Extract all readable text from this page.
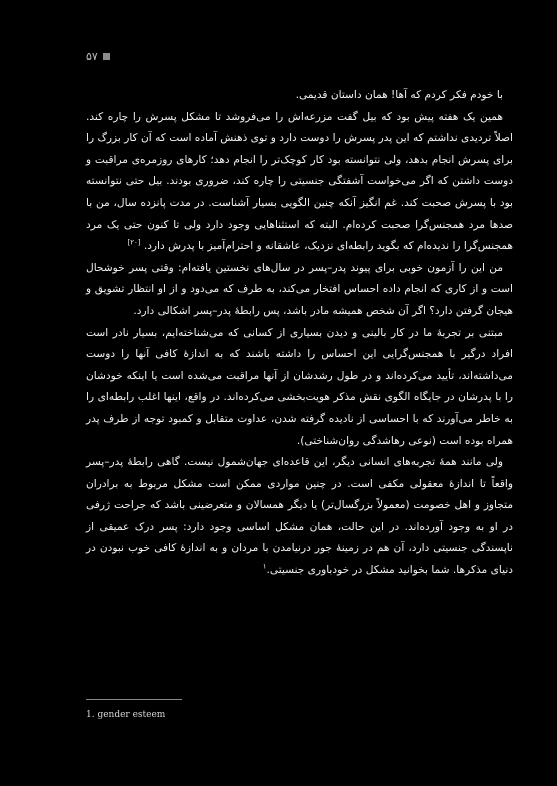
۵۷

با خودم فکر کردم که آها! همان داستان قدیمی.

همین یک هفته پیش بود که بیل گفت مزرعه‌اش را می‌فروشد تا مشکل پسرش را چاره کند. اصلاً تردیدی نداشتم که این پدر پسرش را دوست دارد و توی ذهنش آماده است که آن کار بزرگ را برای پسرش انجام بدهد، ولی نتوانسته بود کار کوچک‌تر را انجام دهد؛ کارهای روزمره‌ی مراقبت و دوست داشتن که اگر می‌خواست آشفتگی جنسیتی را چاره کند، ضروری بودند. بیل حتی نتوانسته بود با پسرش صحبت کند. غم انگیز آنکه چنین الگویی بسیار آشناست. در مدت پانزده سال، من با صدها مرد همجنس‌گرا صحبت کرده‌ام. البته که استثناهایی وجود دارد ولی تا کنون حتی یک مرد همجنس‌گرا را ندیده‌ام که بگوید رابطه‌ای نزدیک، عاشقانه و احترام‌آمیز با پدرش دارد. [۲۰]

من این را آزمون خوبی برای پیوند پدر–پسر در سال‌های نخستین یافته‌ام: وقتی پسر خوشحال است و از کاری که انجام داده احساس افتخار می‌کند، به طرف که می‌دود و از او انتظار تشویق و هیجان گرفتن دارد؟ اگر آن شخص همیشه مادر باشد، پس رابطهٔ پدر–پسر اشکالی دارد.

مبتنی بر تجربهٔ ما در کار بالینی و دیدن بسیاری از کسانی که می‌شناخته‌ایم، بسیار نادر است افراد درگیر با همجنس‌گرایی این احساس را داشته باشند که به اندازهٔ کافی آنها را دوست می‌داشته‌اند، تأیید می‌کرده‌اند و در طول رشدشان از آنها مراقبت می‌شده است یا اینکه خودشان را با پدرشان در جایگاه الگوی نقش مذکر هویت‌بخشی می‌کرده‌اند. در واقع، اینها اغلب رابطه‌ای را به خاطر می‌آورند که با احساسی از نادیده گرفته شدن، عداوت متقابل و کمبود توجه از طرف پدر همراه بوده است (نوعی رهاشدگی روان‌شناختی).

ولی مانند همهٔ تجربه‌های انسانی دیگر، این قاعده‌ای جهان‌شمول نیست. گاهی رابطهٔ پدر–پسر واقعاً تا اندازهٔ معقولی مکفی است. در چنین مواردی ممکن است مشکل مربوط به برادران متجاوز و اهل خصومت (معمولاً بزرگسال‌تر) یا دیگر همسالان و متعرضینی باشد که جراحت ژرفی در او به وجود آورده‌اند. در این حالت، همان مشکل اساسی وجود دارد: پسر درک عمیقی از ناپسندگی جنسیتی دارد، آن هم در زمینهٔ جور درنیامدن با مردان و به اندازهٔ کافی خوب نبودن در دنیای مذکرها. شما بخوانید مشکل در خودباوری جنسیتی.$^۱$

1. gender esteem
